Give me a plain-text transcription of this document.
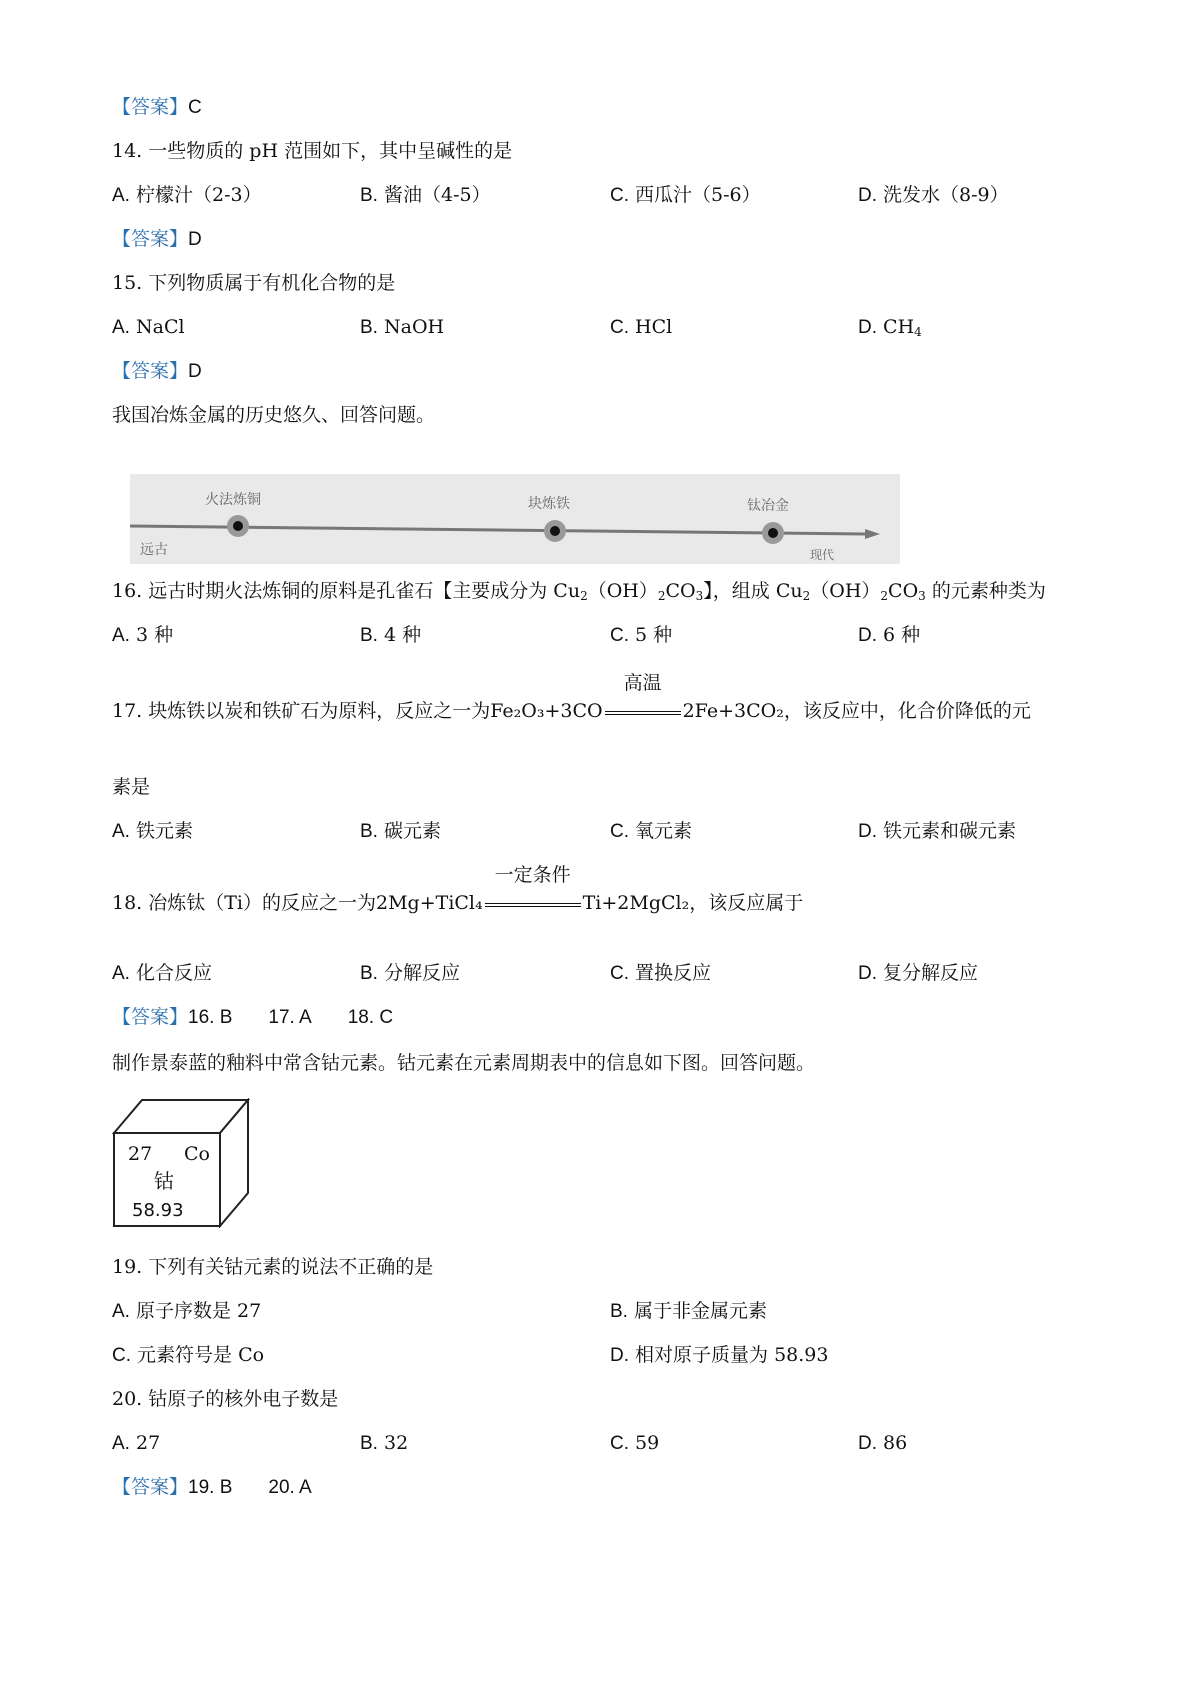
【答案】C
14. 一些物质的 pH 范围如下，其中呈碱性的是
A. 柠檬汁（2-3）	B. 酱油（4-5）	C. 西瓜汁（5-6）	D. 洗发水（8-9）
【答案】D
15. 下列物质属于有机化合物的是
A. NaCl	B. NaOH	C. HCl	D. $CH_4$
【答案】D
我国冶炼金属的历史悠久、回答问题。
远古	现代
火法炼铜	块炼铁	钛冶金
16. 远古时期火法炼铜的原料是孔雀石【主要成分为 $Cu_2(OH)_2CO_3$】，组成 $Cu_2(OH)_2CO_3$ 的元素种类为
A. 3 种	B. 4 种	C. 5 种	D. 6 种
17. 块炼铁以炭和铁矿石为原料，反应之一为Fe₂O₃+3CO
高温
2Fe+3CO₂，该反应中，化合价降低的元
素是
A. 铁元素	B. 碳元素	C. 氧元素	D. 铁元素和碳元素
18. 冶炼钛（Ti）的反应之一为2Mg+TiCl₄
一定条件
Ti+2MgCl₂，该反应属于
A. 化合反应	B. 分解反应	C. 置换反应	D. 复分解反应
【答案】16. B 17. A 18. C
制作景泰蓝的釉料中常含钴元素。钴元素在元素周期表中的信息如下图。回答问题。
27 Co
钴
58.93
19. 下列有关钴元素的说法不正确的是
A. 原子序数是 27	B. 属于非金属元素
C. 元素符号是 Co	D. 相对原子质量为 58.93
20. 钴原子的核外电子数是
A. 27	B. 32	C. 59	D. 86
【答案】19. B 20. A
